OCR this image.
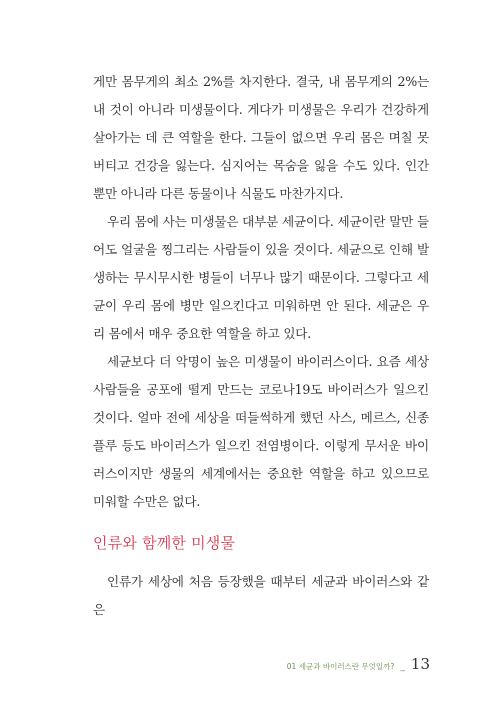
게만 몸무게의 최소 2%를 차지한다. 결국, 내 몸무게의 2%는 내 것이 아니라 미생물이다. 게다가 미생물은 우리가 건강하게 살아가는 데 큰 역할을 한다. 그들이 없으면 우리 몸은 며칠 못 버티고 건강을 잃는다. 심지어는 목숨을 잃을 수도 있다. 인간뿐만 아니라 다른 동물이나 식물도 마찬가지다.

우리 몸에 사는 미생물은 대부분 세균이다. 세균이란 말만 들어도 얼굴을 찡그리는 사람들이 있을 것이다. 세균으로 인해 발생하는 무시무시한 병들이 너무나 많기 때문이다. 그렇다고 세균이 우리 몸에 병만 일으킨다고 미워하면 안 된다. 세균은 우리 몸에서 매우 중요한 역할을 하고 있다.

세균보다 더 악명이 높은 미생물이 바이러스이다. 요즘 세상 사람들을 공포에 떨게 만드는 코로나19도 바이러스가 일으킨 것이다. 얼마 전에 세상을 떠들썩하게 했던 사스, 메르스, 신종플루 등도 바이러스가 일으킨 전염병이다. 이렇게 무서운 바이러스이지만 생물의 세계에서는 중요한 역할을 하고 있으므로 미워할 수만은 없다.

인류와 함께한 미생물

인류가 세상에 처음 등장했을 때부터 세균과 바이러스와 같은

01 세균과 바이러스란 무엇일까? _ 13
